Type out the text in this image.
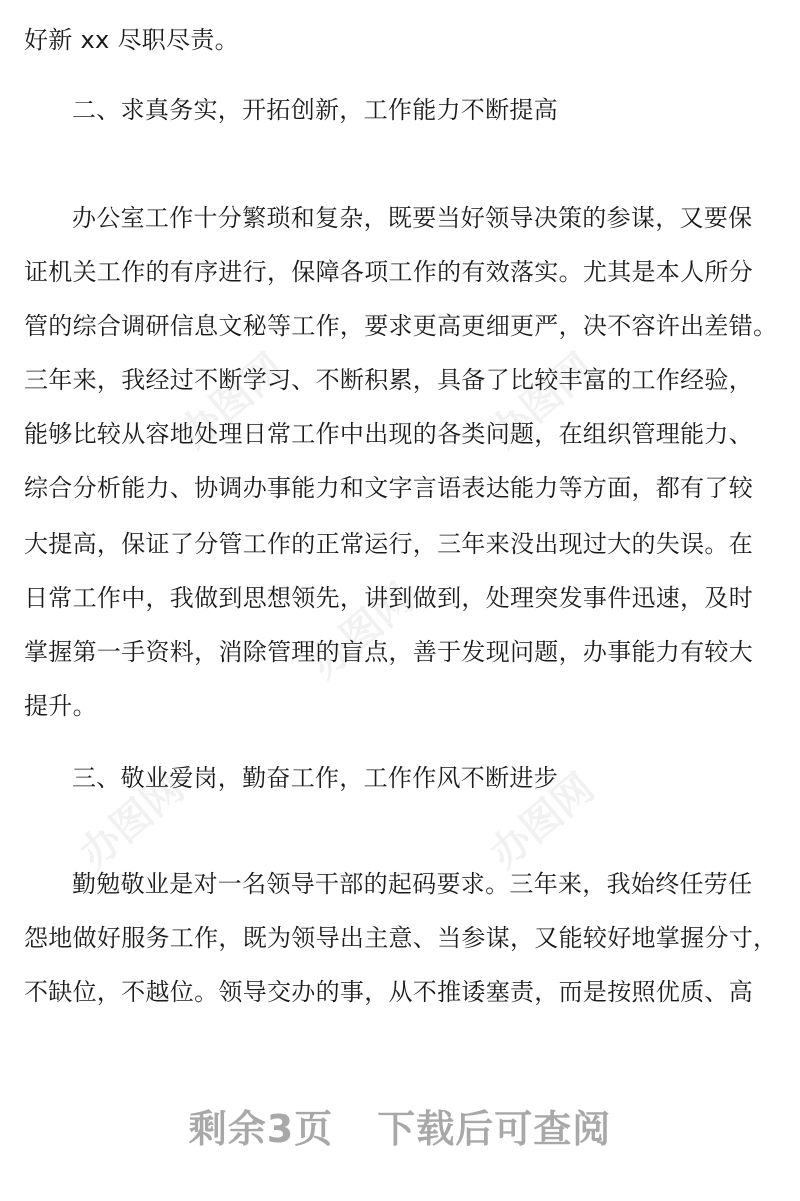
办图网	办图网
办图网
办图网	办图网
好新 xx 尽职尽责。
二、求真务实，开拓创新，工作能力不断提高
办公室工作十分繁琐和复杂，既要当好领导决策的参谋，又要保
证机关工作的有序进行，保障各项工作的有效落实。尤其是本人所分
管的综合调研信息文秘等工作，要求更高更细更严，决不容许出差错。
三年来，我经过不断学习、不断积累，具备了比较丰富的工作经验，
能够比较从容地处理日常工作中出现的各类问题，在组织管理能力、
综合分析能力、协调办事能力和文字言语表达能力等方面，都有了较
大提高，保证了分管工作的正常运行，三年来没出现过大的失误。在
日常工作中，我做到思想领先，讲到做到，处理突发事件迅速，及时
掌握第一手资料，消除管理的盲点，善于发现问题，办事能力有较大
提升。
三、敬业爱岗，勤奋工作，工作作风不断进步
勤勉敬业是对一名领导干部的起码要求。三年来，我始终任劳任
怨地做好服务工作，既为领导出主意、当参谋，又能较好地掌握分寸，
不缺位，不越位。领导交办的事，从不推诿塞责，而是按照优质、高
剩余3页 下载后可查阅
